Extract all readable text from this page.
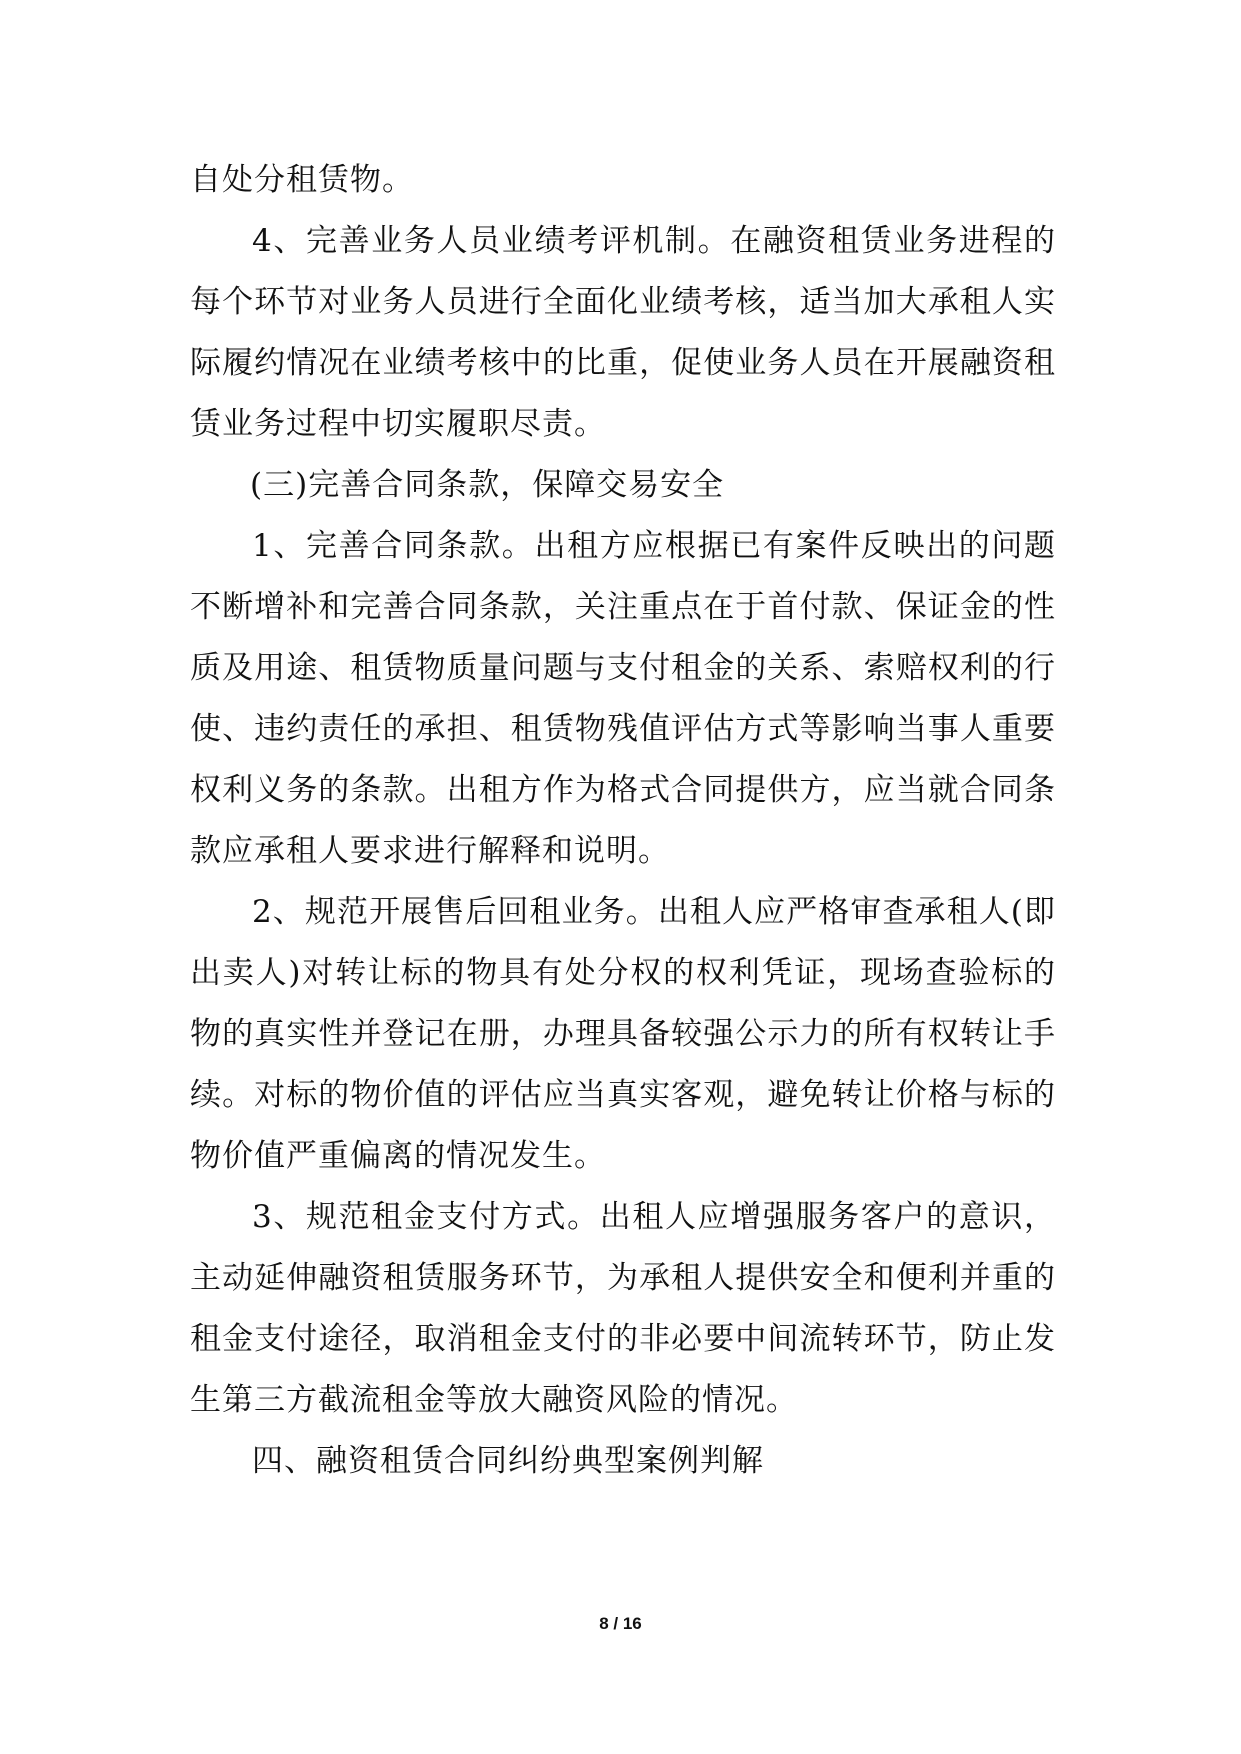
自处分租赁物。

4、完善业务人员业绩考评机制。在融资租赁业务进程的每个环节对业务人员进行全面化业绩考核，适当加大承租人实际履约情况在业绩考核中的比重，促使业务人员在开展融资租赁业务过程中切实履职尽责。

(三)完善合同条款，保障交易安全

1、完善合同条款。出租方应根据已有案件反映出的问题不断增补和完善合同条款，关注重点在于首付款、保证金的性质及用途、租赁物质量问题与支付租金的关系、索赔权利的行使、违约责任的承担、租赁物残值评估方式等影响当事人重要权利义务的条款。出租方作为格式合同提供方，应当就合同条款应承租人要求进行解释和说明。

2、规范开展售后回租业务。出租人应严格审查承租人(即出卖人)对转让标的物具有处分权的权利凭证，现场查验标的物的真实性并登记在册，办理具备较强公示力的所有权转让手续。对标的物价值的评估应当真实客观，避免转让价格与标的物价值严重偏离的情况发生。

3、规范租金支付方式。出租人应增强服务客户的意识，主动延伸融资租赁服务环节，为承租人提供安全和便利并重的租金支付途径，取消租金支付的非必要中间流转环节，防止发生第三方截流租金等放大融资风险的情况。

四、融资租赁合同纠纷典型案例判解

8 / 16
